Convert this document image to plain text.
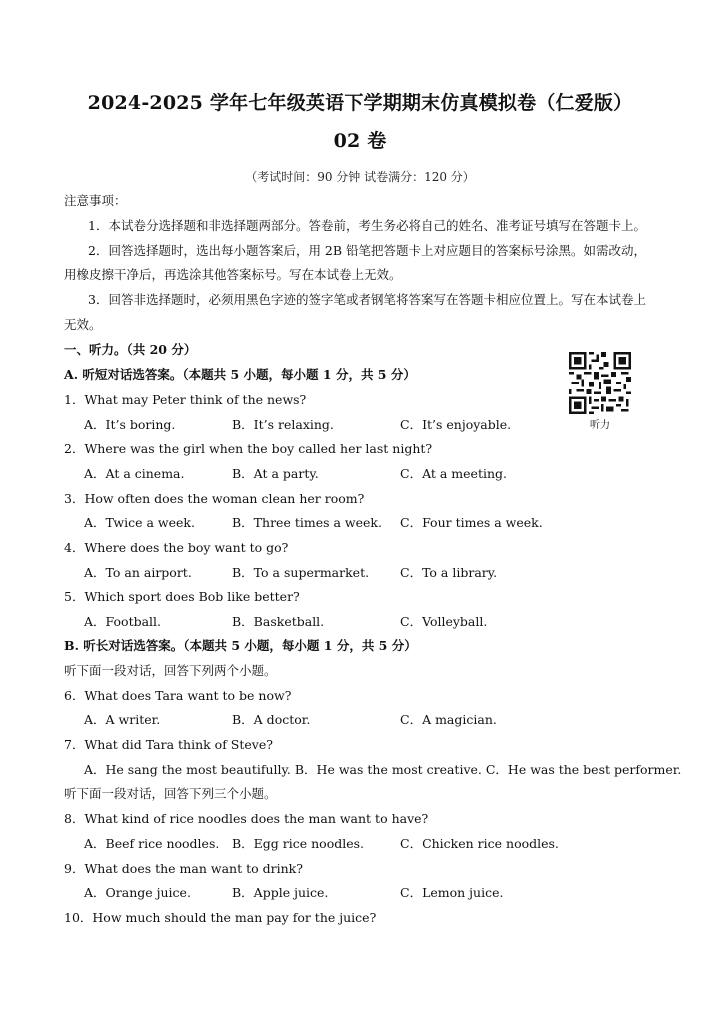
2024-2025 学年七年级英语下学期期末仿真模拟卷（仁爱版）
02 卷
（考试时间：90 分钟 试卷满分：120 分）
注意事项：
1．本试卷分选择题和非选择题两部分。答卷前，考生务必将自己的姓名、准考证号填写在答题卡上。
2．回答选择题时，选出每小题答案后，用 2B 铅笔把答题卡上对应题目的答案标号涂黑。如需改动，
用橡皮擦干净后，再选涂其他答案标号。写在本试卷上无效。
3．回答非选择题时，必须用黑色字迹的签字笔或者钢笔将答案写在答题卡相应位置上。写在本试卷上
无效。
一、听力。（共 20 分）
A. 听短对话选答案。（本题共 5 小题，每小题 1 分，共 5 分）
听力
1．What may Peter think of the news?
A．It’s boring.	B．It’s relaxing.	C．It’s enjoyable.
2．Where was the girl when the boy called her last night?
A．At a cinema.	B．At a party.	C．At a meeting.
3．How often does the woman clean her room?
A．Twice a week.	B．Three times a week. C．Four times a week.
4．Where does the boy want to go?
A．To an airport.	B．To a supermarket. C．To a library.
5．Which sport does Bob like better?
A．Football.	B．Basketball.	C．Volleyball.
B. 听长对话选答案。（本题共 5 小题，每小题 1 分，共 5 分）
听下面一段对话，回答下列两个小题。
6．What does Tara want to be now?
A．A writer.	B．A doctor.	C．A magician.
7．What did Tara think of Steve?
A．He sang the most beautifully. B．He was the most creative. C．He was the best performer.
听下面一段对话，回答下列三个小题。
8．What kind of rice noodles does the man want to have?
A．Beef rice noodles. B．Egg rice noodles.	C．Chicken rice noodles.
9．What does the man want to drink?
A．Orange juice.	B．Apple juice.	C．Lemon juice.
10．How much should the man pay for the juice?
